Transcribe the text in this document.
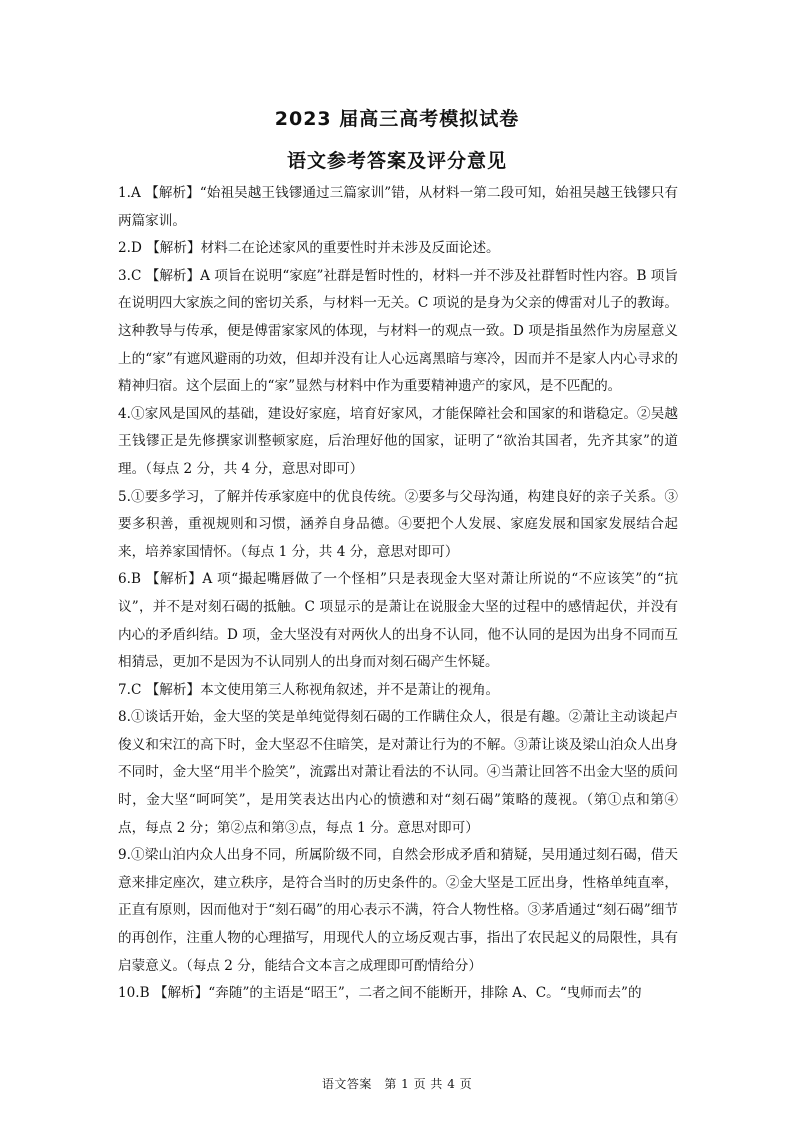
2023 届高三高考模拟试卷
语文参考答案及评分意见

1.A 【解析】“始祖吴越王钱镠通过三篇家训”错，从材料一第二段可知，始祖吴越王钱镠只有两篇家训。

2.D 【解析】材料二在论述家风的重要性时并未涉及反面论述。

3.C 【解析】A 项旨在说明“家庭”社群是暂时性的，材料一并不涉及社群暂时性内容。B 项旨在说明四大家族之间的密切关系，与材料一无关。C 项说的是身为父亲的傅雷对儿子的教诲。这种教导与传承，便是傅雷家家风的体现，与材料一的观点一致。D 项是指虽然作为房屋意义上的“家”有遮风避雨的功效，但却并没有让人心远离黑暗与寒冷，因而并不是家人内心寻求的精神归宿。这个层面上的“家”显然与材料中作为重要精神遗产的家风，是不匹配的。

4.①家风是国风的基础，建设好家庭，培育好家风，才能保障社会和国家的和谐稳定。②吴越王钱镠正是先修撰家训整顿家庭，后治理好他的国家，证明了“欲治其国者，先齐其家”的道理。（每点 2 分，共 4 分，意思对即可）

5.①要多学习，了解并传承家庭中的优良传统。②要多与父母沟通，构建良好的亲子关系。③要多积善，重视规则和习惯，涵养自身品德。④要把个人发展、家庭发展和国家发展结合起来，培养家国情怀。（每点 1 分，共 4 分，意思对即可）

6.B 【解析】A 项“撮起嘴唇做了一个怪相”只是表现金大坚对萧让所说的“不应该笑”的“抗议”，并不是对刻石碣的抵触。C 项显示的是萧让在说服金大坚的过程中的感情起伏，并没有内心的矛盾纠结。D 项，金大坚没有对两伙人的出身不认同，他不认同的是因为出身不同而互相猜忌，更加不是因为不认同别人的出身而对刻石碣产生怀疑。

7.C 【解析】本文使用第三人称视角叙述，并不是萧让的视角。

8.①谈话开始，金大坚的笑是单纯觉得刻石碣的工作瞒住众人，很是有趣。②萧让主动谈起卢俊义和宋江的高下时，金大坚忍不住暗笑，是对萧让行为的不解。③萧让谈及梁山泊众人出身不同时，金大坚“用半个脸笑”，流露出对萧让看法的不认同。④当萧让回答不出金大坚的质问时，金大坚“呵呵笑”，是用笑表达出内心的愤懑和对“刻石碣”策略的蔑视。（第①点和第④点，每点 2 分；第②点和第③点，每点 1 分。意思对即可）

9.①梁山泊内众人出身不同，所属阶级不同，自然会形成矛盾和猜疑，吴用通过刻石碣，借天意来排定座次，建立秩序，是符合当时的历史条件的。②金大坚是工匠出身，性格单纯直率，正直有原则，因而他对于“刻石碣”的用心表示不满，符合人物性格。③茅盾通过“刻石碣”细节的再创作，注重人物的心理描写，用现代人的立场反观古事，指出了农民起义的局限性，具有启蒙意义。（每点 2 分，能结合文本言之成理即可酌情给分）

10.B 【解析】“奔随”的主语是“昭王”，二者之间不能断开，排除 A、C。“曳师而去”的

语文答案　第 1 页 共 4 页
